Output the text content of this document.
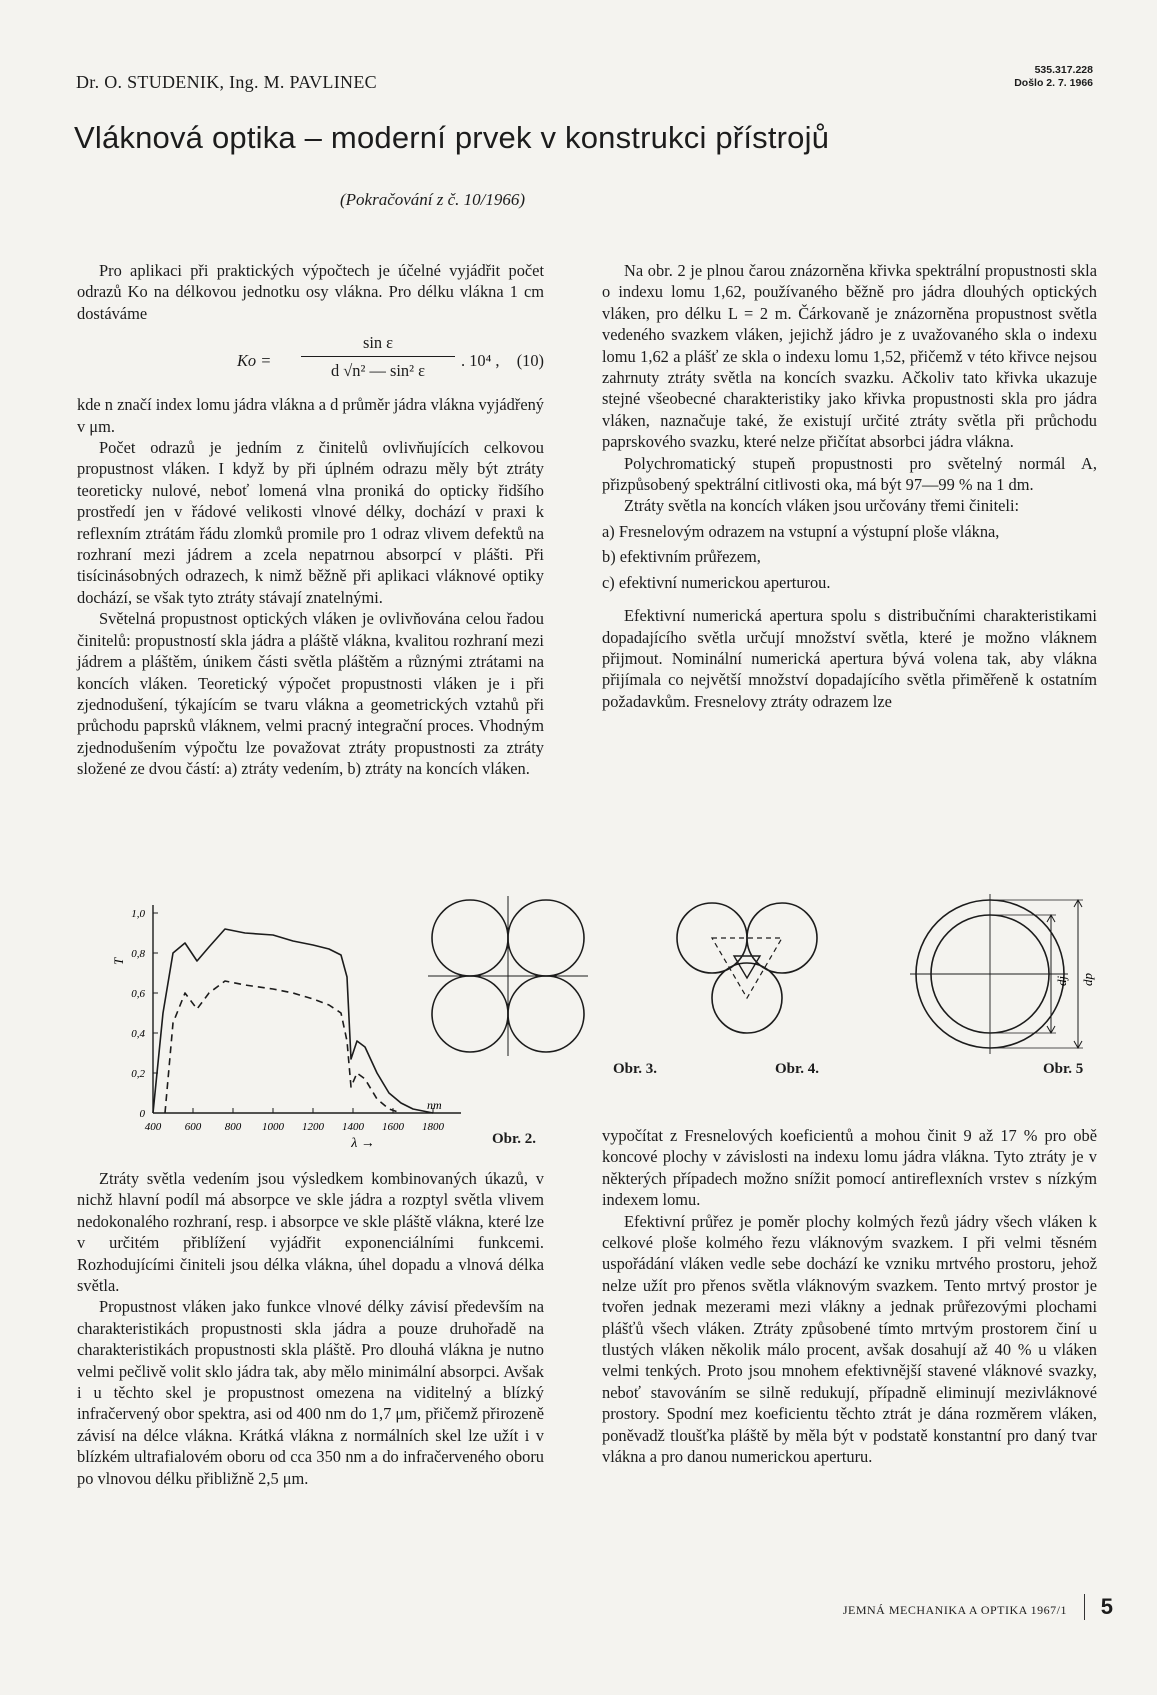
Dr. O. STUDENIK, Ing. M. PAVLINEC
535.317.228
Došlo 2. 7. 1966
Vláknová optika – moderní prvek v konstrukci přístrojů
(Pokračování z č. 10/1966)

Pro aplikaci při praktických výpočtech je účelné vyjádřit počet odrazů Ko na délkovou jednotku osy vlákna. Pro délku vlákna 1 cm dostáváme

Ko =
sin ε
d √n² — sin² ε
. 10⁴ , (10)

kde n značí index lomu jádra vlákna a d průměr jádra vlákna vyjádřený v μm.

Počet odrazů je jedním z činitelů ovlivňujících celkovou propustnost vláken. I když by při úplném odrazu měly být ztráty teoreticky nulové, neboť lomená vlna proniká do opticky řidšího prostředí jen v řádové velikosti vlnové délky, dochází v praxi k reflexním ztrátám řádu zlomků promile pro 1 odraz vlivem defektů na rozhraní mezi jádrem a zcela nepatrnou absorpcí v plášti. Při tisícinásobných odrazech, k nimž běžně při aplikaci vláknové optiky dochází, se však tyto ztráty stávají znatelnými.

Světelná propustnost optických vláken je ovlivňována celou řadou činitelů: propustností skla jádra a pláště vlákna, kvalitou rozhraní mezi jádrem a pláštěm, únikem části světla pláštěm a různými ztrátami na koncích vláken. Teoretický výpočet propustnosti vláken je i při zjednodušení, týkajícím se tvaru vlákna a geometrických vztahů při průchodu paprsků vláknem, velmi pracný integrační proces. Vhodným zjednodušením výpočtu lze považovat ztráty propustnosti za ztráty složené ze dvou částí: a) ztráty vedením, b) ztráty na koncích vláken.

400 600 800 1000 1200 1400 1600 1800
0
0,2
0,4
0,6
0,8
1,0
T
λ →
nm
Obr. 2.

Ztráty světla vedením jsou výsledkem kombinovaných úkazů, v nichž hlavní podíl má absorpce ve skle jádra a rozptyl světla vlivem nedokonalého rozhraní, resp. i absorpce ve skle pláště vlákna, které lze v určitém přiblížení vyjádřit exponenciálními funkcemi. Rozhodujícími činiteli jsou délka vlákna, úhel dopadu a vlnová délka světla.

Propustnost vláken jako funkce vlnové délky závisí především na charakteristikách propustnosti skla jádra a pouze druhořadě na charakteristikách propustnosti skla pláště. Pro dlouhá vlákna je nutno velmi pečlivě volit sklo jádra tak, aby mělo minimální absorpci. Avšak i u těchto skel je propustnost omezena na viditelný a blízký infračervený obor spektra, asi od 400 nm do 1,7 μm, přičemž přirozeně závisí na délce vlákna. Krátká vlákna z normálních skel lze užít i v blízkém ultrafialovém oboru od cca 350 nm a do infračerveného oboru po vlnovou délku přibližně 2,5 μm.

Obr. 3.	Obr. 4.
dj dp
Obr. 5

Na obr. 2 je plnou čarou znázorněna křivka spektrální propustnosti skla o indexu lomu 1,62, používaného běžně pro jádra dlouhých optických vláken, pro délku L = 2 m. Čárkovaně je znázorněna propustnost světla vedeného svazkem vláken, jejichž jádro je z uvažovaného skla o indexu lomu 1,62 a plášť ze skla o indexu lomu 1,52, přičemž v této křivce nejsou zahrnuty ztráty světla na koncích svazku. Ačkoliv tato křivka ukazuje stejné všeobecné charakteristiky jako křivka propustnosti skla pro jádra vláken, naznačuje také, že existují určité ztráty světla při průchodu paprskového svazku, které nelze přičítat absorbci jádra vlákna.

Polychromatický stupeň propustnosti pro světelný normál A, přizpůsobený spektrální citlivosti oka, má být 97—99 % na 1 dm.

Ztráty světla na koncích vláken jsou určovány třemi činiteli:

a) Fresnelovým odrazem na vstupní a výstupní ploše vlákna,

b) efektivním průřezem,

c) efektivní numerickou aperturou.

Efektivní numerická apertura spolu s distribučními charakteristikami dopadajícího světla určují množství světla, které je možno vláknem přijmout. Nominální numerická apertura bývá volena tak, aby vlákna přijímala co největší množství dopadajícího světla přiměřeně k ostatním požadavkům. Fresnelovy ztráty odrazem lze

vypočítat z Fresnelových koeficientů a mohou činit 9 až 17 % pro obě koncové plochy v závislosti na indexu lomu jádra vlákna. Tyto ztráty je v některých případech možno snížit pomocí antireflexních vrstev s nízkým indexem lomu.

Efektivní průřez je poměr plochy kolmých řezů jádry všech vláken k celkové ploše kolmého řezu vláknovým svazkem. I při velmi těsném uspořádání vláken vedle sebe dochází ke vzniku mrtvého prostoru, jehož nelze užít pro přenos světla vláknovým svazkem. Tento mrtvý prostor je tvořen jednak mezerami mezi vlákny a jednak průřezovými plochami plášťů všech vláken. Ztráty způsobené tímto mrtvým prostorem činí u tlustých vláken několik málo procent, avšak dosahují až 40 % u vláken velmi tenkých. Proto jsou mnohem efektivnější stavené vláknové svazky, neboť stavováním se silně redukují, případně eliminují mezivláknové prostory. Spodní mez koeficientu těchto ztrát je dána rozměrem vláken, poněvadž tloušťka pláště by měla být v podstatě konstantní pro daný tvar vlákna a pro danou numerickou aperturu.

JEMNÁ MECHANIKA A OPTIKA 1967/1 5
